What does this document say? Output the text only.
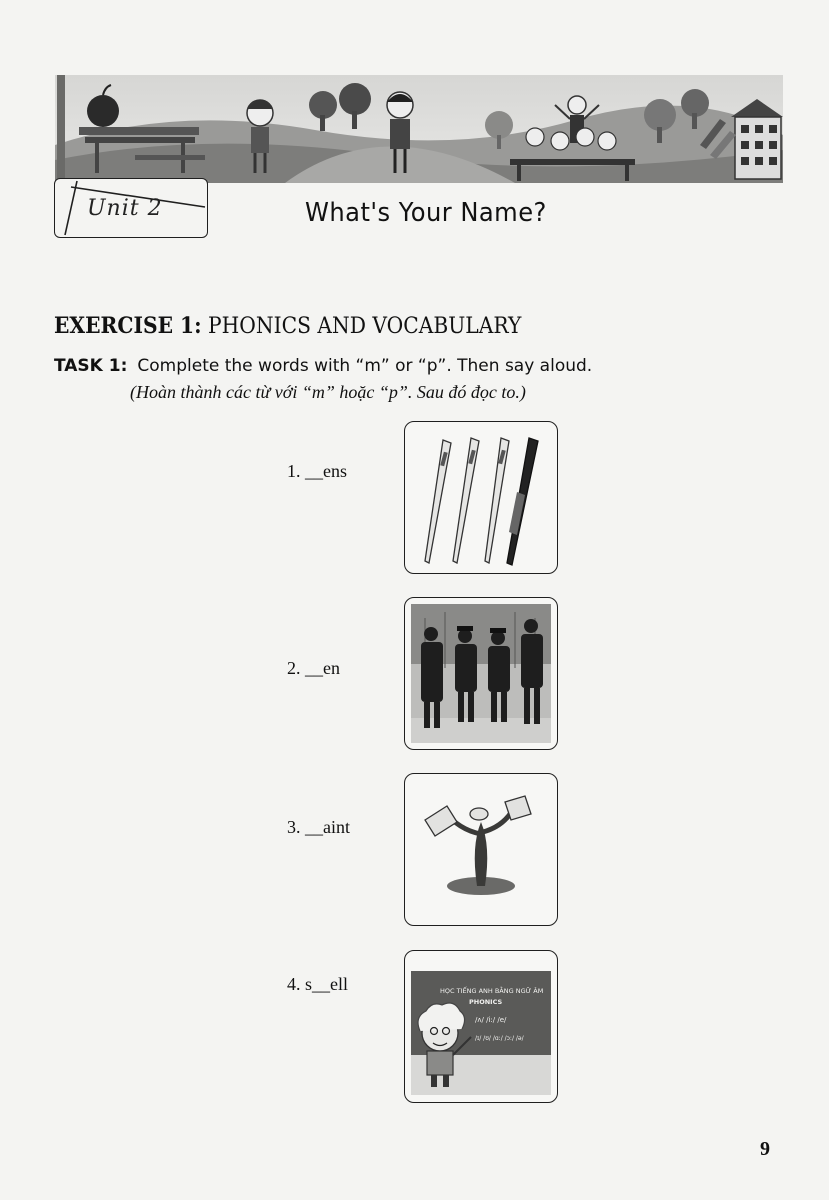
Unit 2	What's Your Name?
EXERCISE 1: PHONICS AND VOCABULARY
TASK 1: Complete the words with “m” or “p”. Then say aloud.
(Hoàn thành các từ với “m” hoặc “p”. Sau đó đọc to.)
1. __ens
2. __en
3. __aint
4. s__ell	HỌC TIẾNG ANH BẰNG NGỮ ÂM
PHONICS
/ʌ/ /i:/ /e/
/ɪ/ /ʊ/ /ɑ:/ /ɔ:/ /ə/
9
